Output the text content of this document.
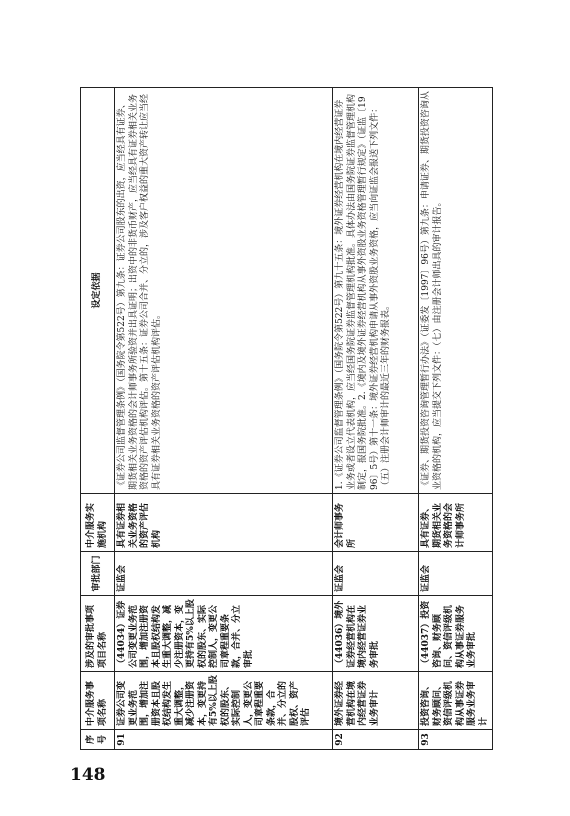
148
序号	中介服务事项名称	涉及的审批事项项目名称	审批部门	中介服务实施机构	设定依据
91	证券公司变更业务范围，增加注册资本且股权结构发生重大调整，减少注册资本，变更持有5%以上股权的股东、实际控制人，变更公司章程重要条款，合并、分立的股权、资产评估	（44034）证券公司变更业务范围，增加注册资本且股权结构发生重大调整，减少注册资本，变更持有5%以上股权的股东、实际控制人，变更公司章程重要条款，合并、分立审批	证监会	具有证券相关业务资格的资产评估机构	《证券公司监督管理条例》（国务院令第522号）第九条：证券公司股东的出资，应当经具有证券、期货相关业务资格的会计师事务所验资并出具证明；出资中的非货币财产，应当经具有证券相关业务资格的资产评估机构评估。第十五条：证券公司合并、分立的，涉及客户权益的重大资产转让应当经具有证券相关业务资格的资产评估机构评估。
92	境外证券经营机构在境内经营证券业务审计	（44036）境外证券经营机构在境内经营证券业务审批	证监会	会计师事务所	1.《证券公司监督管理条例》（国务院令第522号）第九十五条：境外证券经营机构在境内经营证券业务或者设立代表机构，应当经国务院证券监督管理机构批准。具体办法由国务院证券监督管理机构制定，报国务院批准。2.《境内及境外证券经营机构从事外资股业务资格管理暂行规定》（证监〔1996〕5号）第十一条：境外证券经营机构申请从事外资股业务资格，应当向证监会报送下列文件：（五）注册会计师审计的最近三年的财务报表。
93	投资咨询、财务顾问、资信评级机构从事证券服务业务审计	（44037）投资咨询、财务顾问、资信评级机构从事证券服务业务审批	证监会	具有证券、期货相关业务资格的会计师事务所	《证券、期货投资咨询管理暂行办法》（证委发〔1997〕96号）第九条：申请证券、期货投资咨询从业资格的机构，应当提交下列文件：（七）由注册会计师出具的审计报告。
